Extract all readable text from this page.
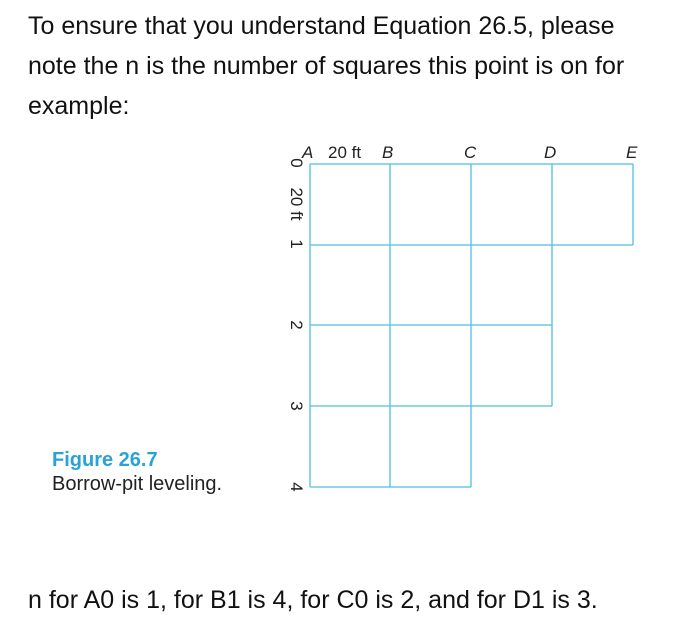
To ensure that you understand Equation 26.5, please
note the n is the number of squares this point is on for
example:

Figure 26.7
Borrow-pit leveling.
A 20 ft B	C	D	E
0
20 ft
1
2
3
4

n for A0 is 1, for B1 is 4, for C0 is 2, and for D1 is 3.
